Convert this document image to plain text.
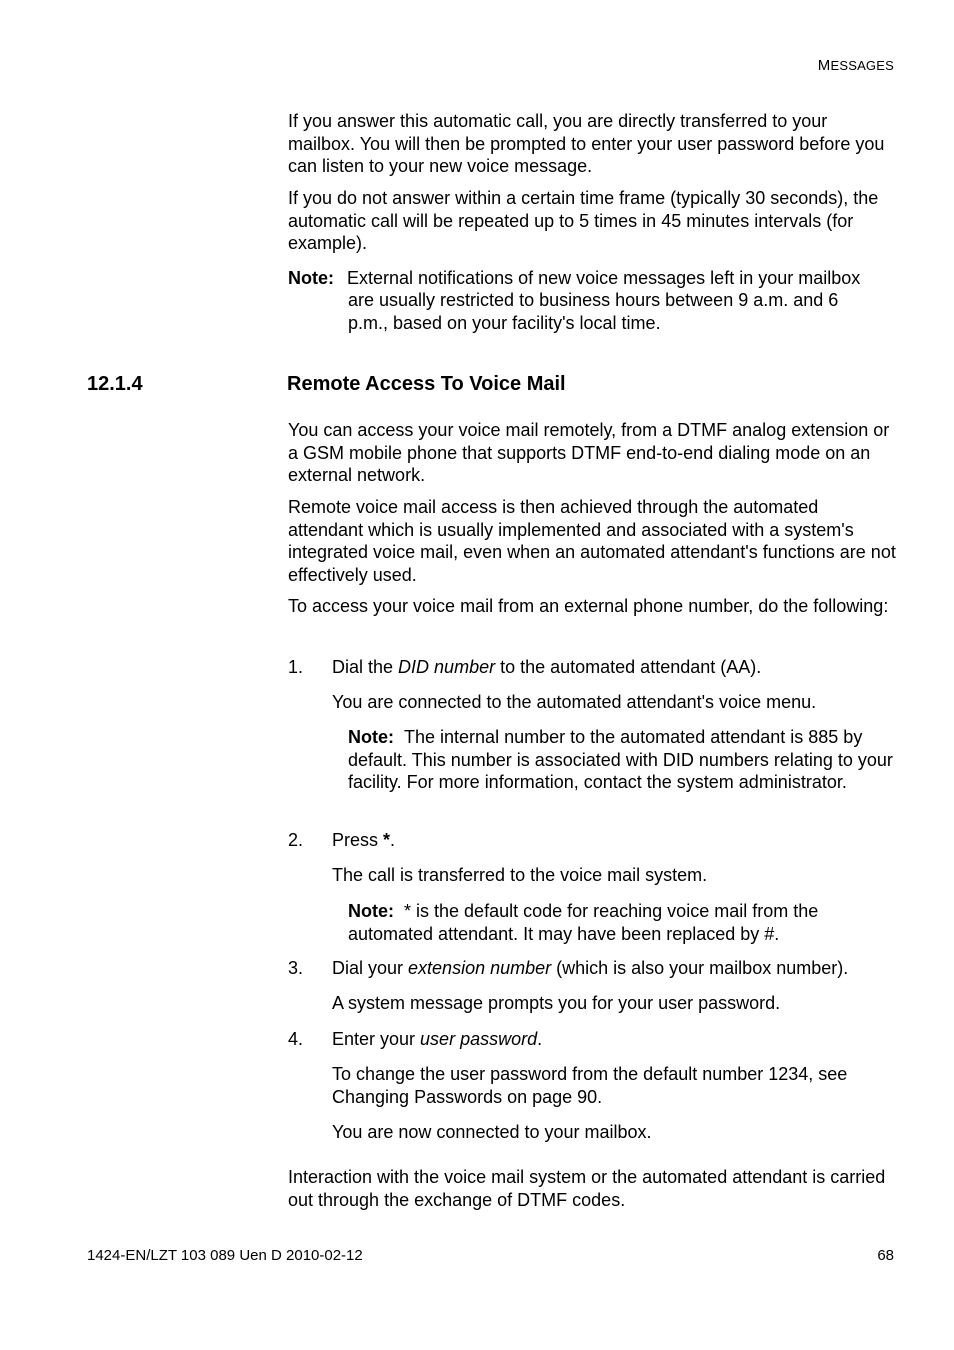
MESSAGES

If you answer this automatic call, you are directly transferred to your mailbox. You will then be prompted to enter your user password before you can listen to your new voice message.

If you do not answer within a certain time frame (typically 30 seconds), the automatic call will be repeated up to 5 times in 45 minutes intervals (for example).

Note: External notifications of new voice messages left in your mailbox
are usually restricted to business hours between 9 a.m. and 6
p.m., based on your facility's local time.
12.1.4	Remote Access To Voice Mail

You can access your voice mail remotely, from a DTMF analog extension or a GSM mobile phone that supports DTMF end-to-end dialing mode on an external network.

Remote voice mail access is then achieved through the automated attendant which is usually implemented and associated with a system's integrated voice mail, even when an automated attendant's functions are not effectively used.

To access your voice mail from an external phone number, do the following:

1. Dial the DID number to the automated attendant (AA).
You are connected to the automated attendant's voice menu.
Note: The internal number to the automated attendant is 885 by default. This number is associated with DID numbers relating to your facility. For more information, contact the system administrator.
2. Press *.
The call is transferred to the voice mail system.
Note: * is the default code for reaching voice mail from the automated attendant. It may have been replaced by #.
3. Dial your extension number (which is also your mailbox number).
A system message prompts you for your user password.
4. Enter your user password.
To change the user password from the default number 1234, see Changing Passwords on page 90.
You are now connected to your mailbox.

Interaction with the voice mail system or the automated attendant is carried out through the exchange of DTMF codes.

1424-EN/LZT 103 089 Uen D 2010-02-12	68
